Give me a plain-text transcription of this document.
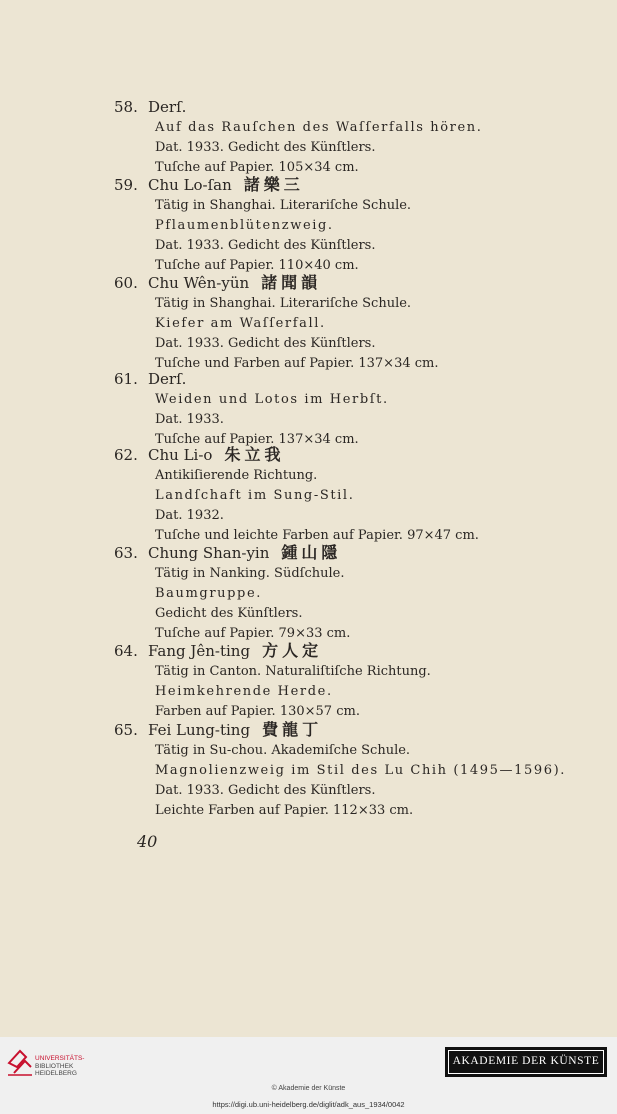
58. Derſ.
Auf das Rauſchen des Waſſerfalls hören.
Dat. 1933. Gedicht des Künſtlers.
Tuſche auf Papier. 105×34 cm.
59. Chu Lo-ſan 諸樂三
Tätig in Shanghai. Literariſche Schule.
Pflaumenblütenzweig.
Dat. 1933. Gedicht des Künſtlers.
Tuſche auf Papier. 110×40 cm.
60. Chu Wên-yün 諸聞韻
Tätig in Shanghai. Literariſche Schule.
Kiefer am Waſſerfall.
Dat. 1933. Gedicht des Künſtlers.
Tuſche und Farben auf Papier. 137×34 cm.
61. Derſ.
Weiden und Lotos im Herbſt.
Dat. 1933.
Tuſche auf Papier. 137×34 cm.
62. Chu Li-o 朱立我
Antikiſierende Richtung.
Landſchaft im Sung-Stil.
Dat. 1932.
Tuſche und leichte Farben auf Papier. 97×47 cm.
63. Chung Shan-yin 鍾山隱
Tätig in Nanking. Südſchule.
Baumgruppe.
Gedicht des Künſtlers.
Tuſche auf Papier. 79×33 cm.
64. Fang Jên-ting 方人定
Tätig in Canton. Naturaliſtiſche Richtung.
Heimkehrende Herde.
Farben auf Papier. 130×57 cm.
65. Fei Lung-ting 費龍丁
Tätig in Su-chou. Akademiſche Schule.
Magnolienzweig im Stil des Lu Chih (1495—1596).
Dat. 1933. Gedicht des Künſtlers.
Leichte Farben auf Papier. 112×33 cm.
40
UNIVERSITÄTS-
BIBLIOTHEK
HEIDELBERG
AKADEMIE DER KÜNSTE
© Akademie der Künste
https://digi.ub.uni-heidelberg.de/diglit/adk_aus_1934/0042
